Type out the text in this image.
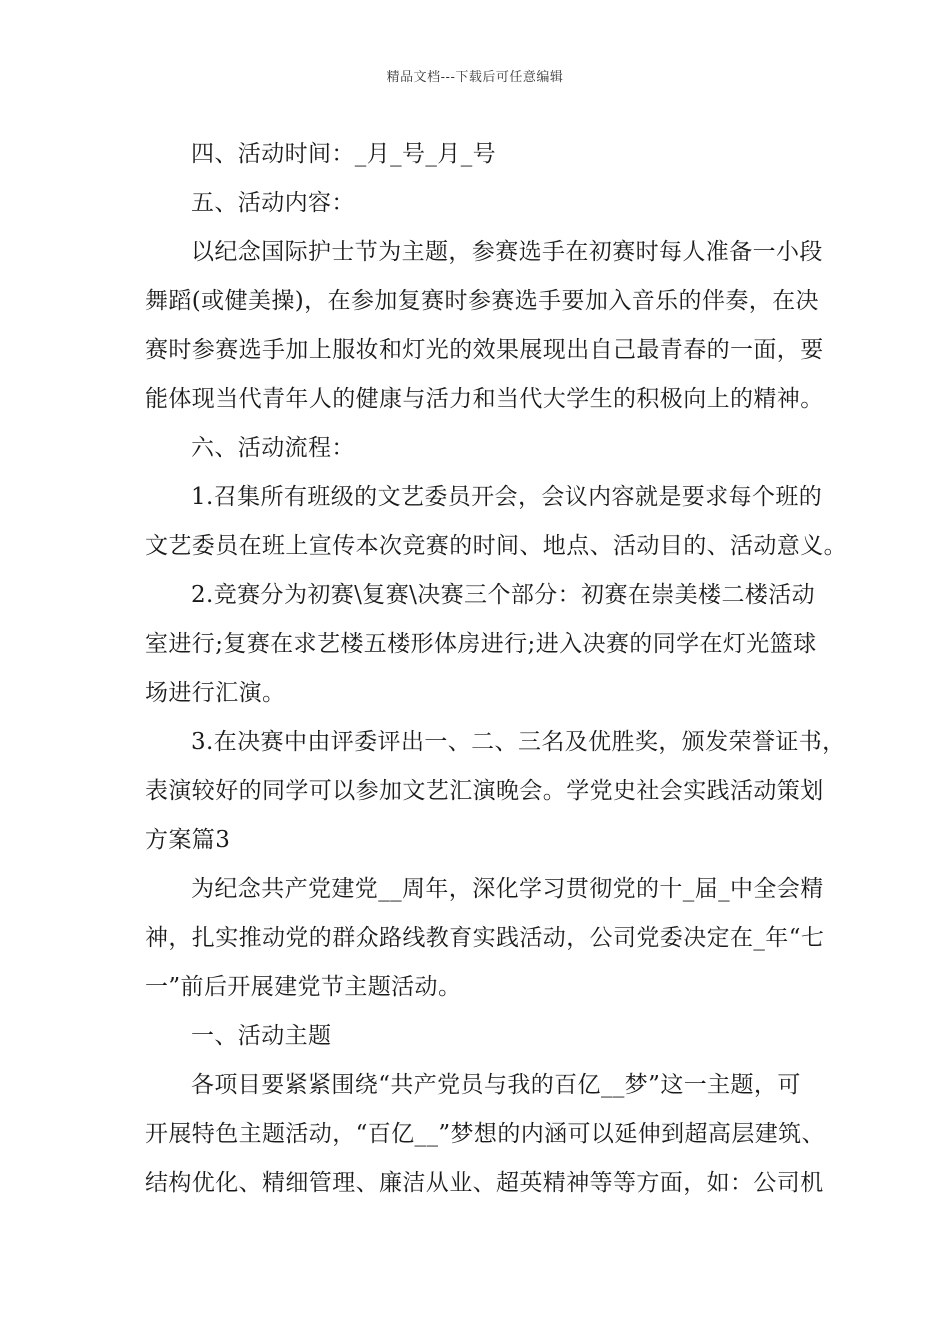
精品文档---下载后可任意编辑
四、活动时间：_月_号_月_号
五、活动内容：
以纪念国际护士节为主题，参赛选手在初赛时每人准备一小段
舞蹈(或健美操)，在参加复赛时参赛选手要加入音乐的伴奏，在决
赛时参赛选手加上服妆和灯光的效果展现出自己最青春的一面，要
能体现当代青年人的健康与活力和当代大学生的积极向上的精神。
六、活动流程：
1.召集所有班级的文艺委员开会，会议内容就是要求每个班的
文艺委员在班上宣传本次竞赛的时间、地点、活动目的、活动意义。
2.竞赛分为初赛\复赛\决赛三个部分：初赛在崇美楼二楼活动
室进行;复赛在求艺楼五楼形体房进行;进入决赛的同学在灯光篮球
场进行汇演。
3.在决赛中由评委评出一、二、三名及优胜奖，颁发荣誉证书，
表演较好的同学可以参加文艺汇演晚会。学党史社会实践活动策划
方案篇3
为纪念共产党建党__周年，深化学习贯彻党的十_届_中全会精
神，扎实推动党的群众路线教育实践活动，公司党委决定在_年“七
一”前后开展建党节主题活动。
一、活动主题
各项目要紧紧围绕“共产党员与我的百亿__梦”这一主题，可
开展特色主题活动，“百亿__”梦想的内涵可以延伸到超高层建筑、
结构优化、精细管理、廉洁从业、超英精神等等方面，如：公司机
